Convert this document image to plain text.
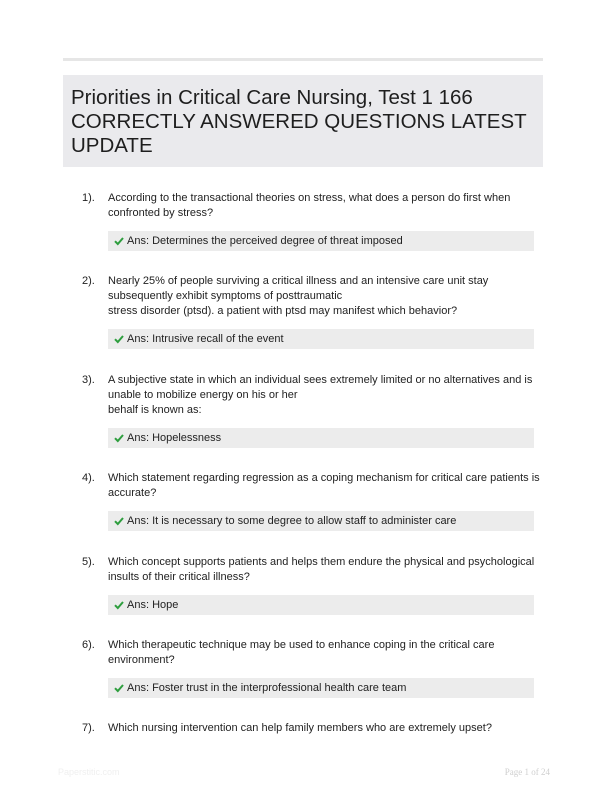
Priorities in Critical Care Nursing, Test 1 166
CORRECTLY ANSWERED QUESTIONS LATEST
UPDATE
1). According to the transactional theories on stress, what does a person do first when
confronted by stress?
Ans: Determines the perceived degree of threat imposed
2). Nearly 25% of people surviving a critical illness and an intensive care unit stay
subsequently exhibit symptoms of posttraumatic
stress disorder (ptsd). a patient with ptsd may manifest which behavior?
Ans: Intrusive recall of the event
3). A subjective state in which an individual sees extremely limited or no alternatives and is
unable to mobilize energy on his or her
behalf is known as:
Ans: Hopelessness
4). Which statement regarding regression as a coping mechanism for critical care patients is
accurate?
Ans: It is necessary to some degree to allow staff to administer care
5). Which concept supports patients and helps them endure the physical and psychological
insults of their critical illness?
Ans: Hope
6). Which therapeutic technique may be used to enhance coping in the critical care
environment?
Ans: Foster trust in the interprofessional health care team
7). Which nursing intervention can help family members who are extremely upset?
Paperstitic.com	Page 1 of 24
